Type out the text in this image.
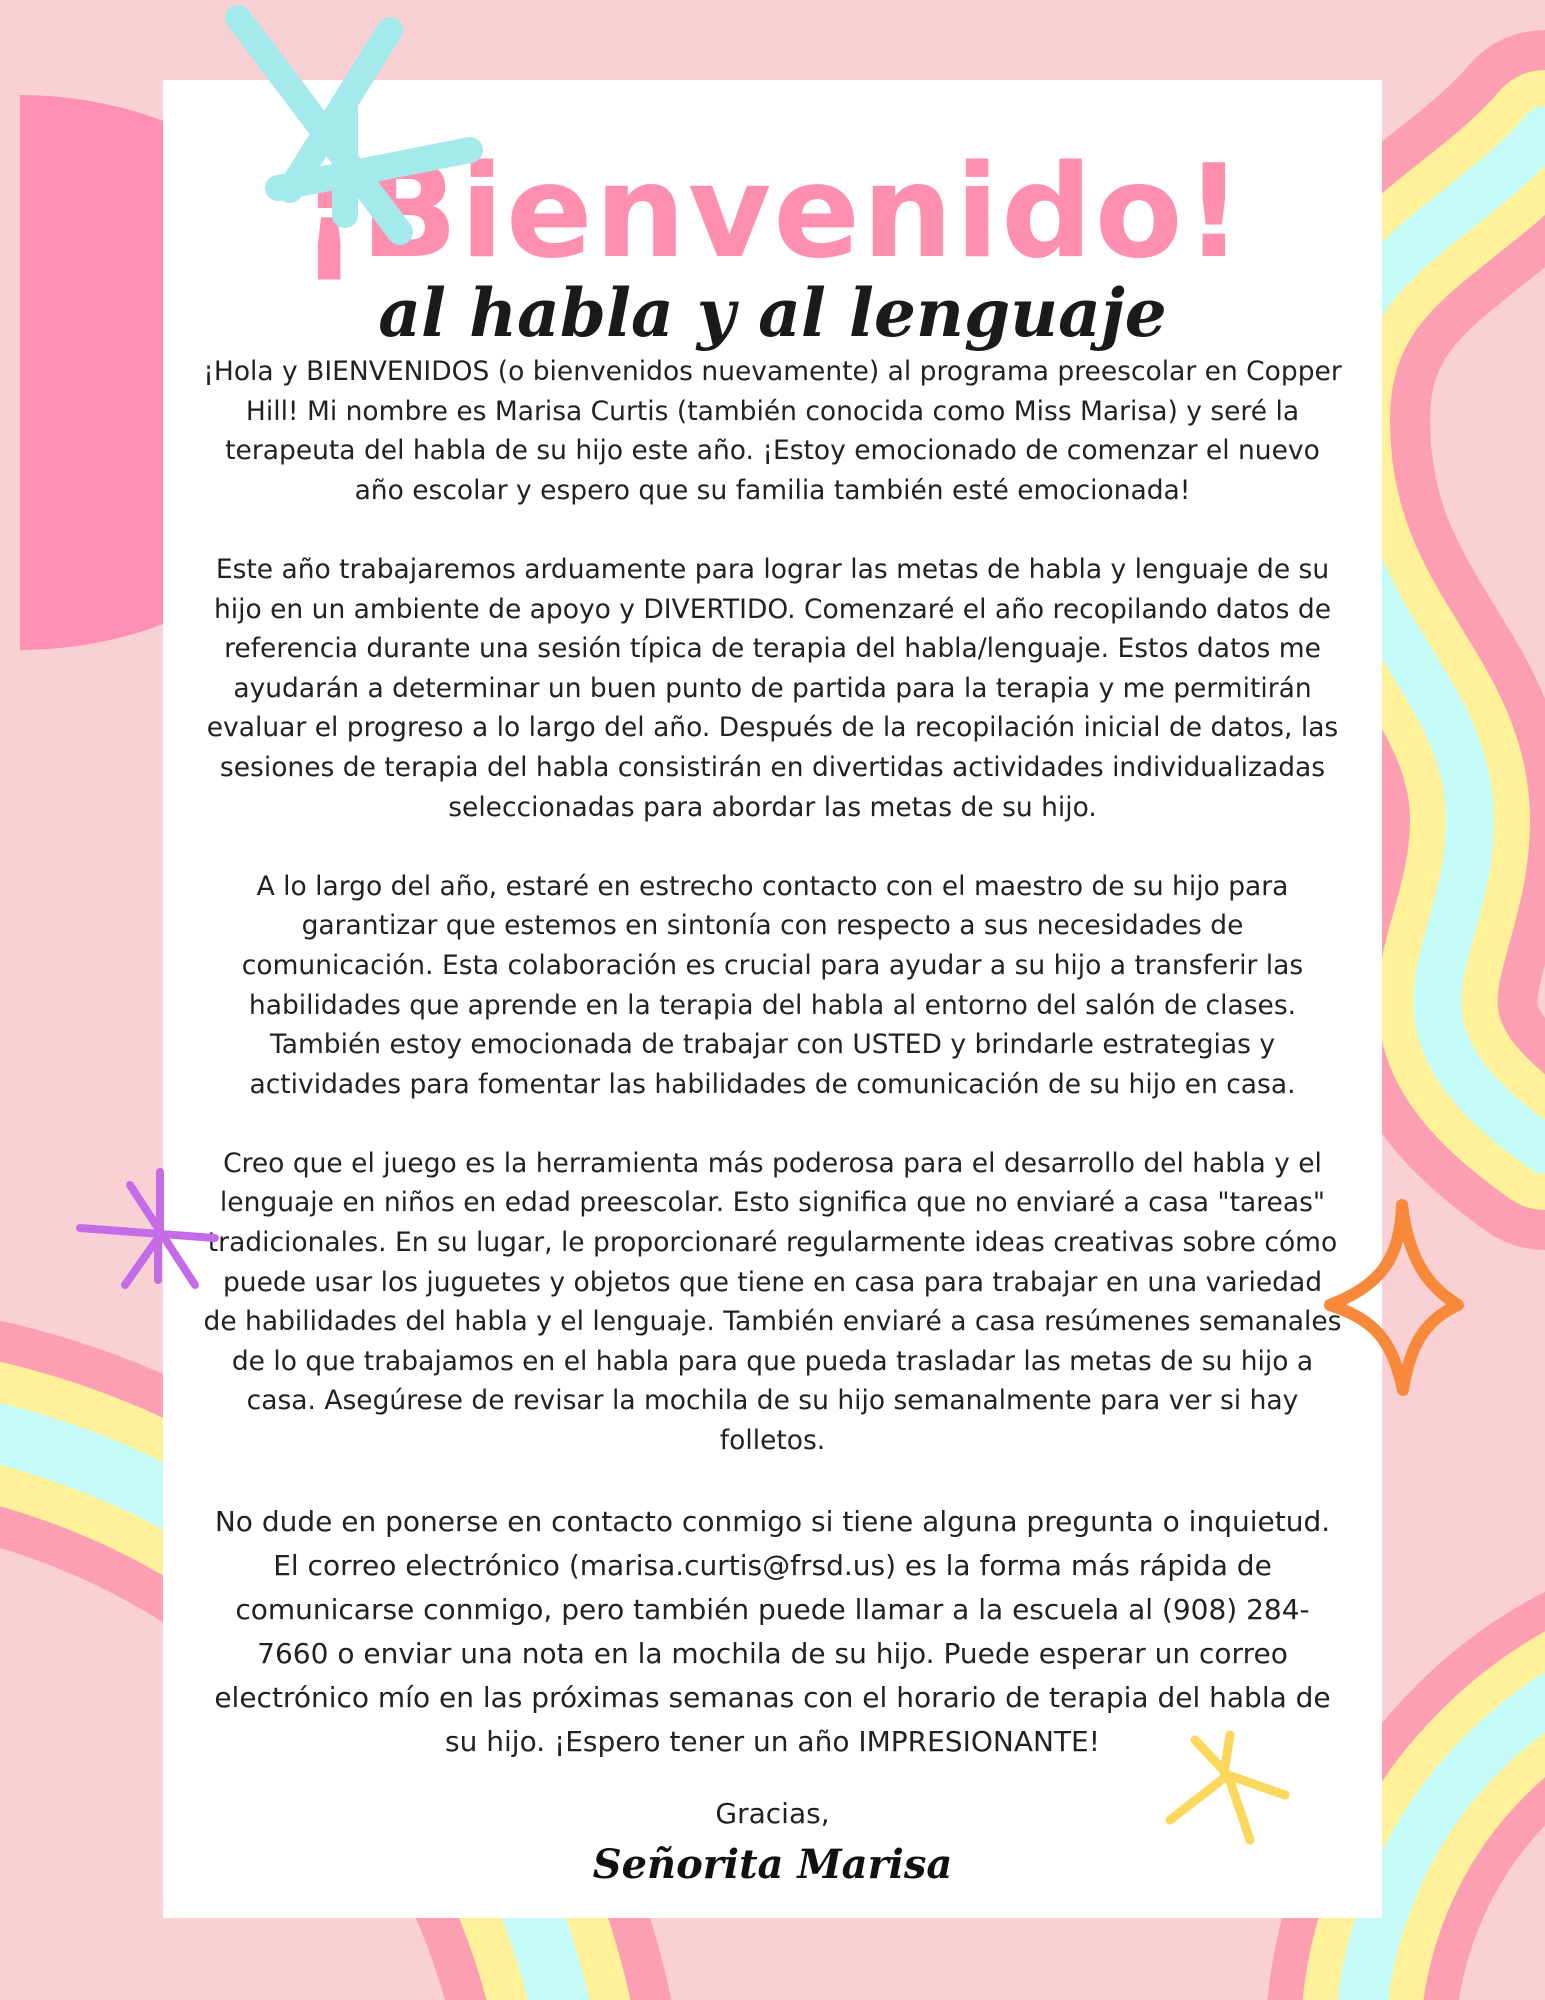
¡Bienvenido!
al habla y al lenguaje

¡Hola y BIENVENIDOS (o bienvenidos nuevamente) al programa preescolar en Copper Hill! Mi nombre es Marisa Curtis (también conocida como Miss Marisa) y seré la terapeuta del habla de su hijo este año. ¡Estoy emocionado de comenzar el nuevo año escolar y espero que su familia también esté emocionada!

Este año trabajaremos arduamente para lograr las metas de habla y lenguaje de su hijo en un ambiente de apoyo y DIVERTIDO. Comenzaré el año recopilando datos de referencia durante una sesión típica de terapia del habla/lenguaje. Estos datos me ayudarán a determinar un buen punto de partida para la terapia y me permitirán evaluar el progreso a lo largo del año. Después de la recopilación inicial de datos, las sesiones de terapia del habla consistirán en divertidas actividades individualizadas seleccionadas para abordar las metas de su hijo.

A lo largo del año, estaré en estrecho contacto con el maestro de su hijo para garantizar que estemos en sintonía con respecto a sus necesidades de comunicación. Esta colaboración es crucial para ayudar a su hijo a transferir las habilidades que aprende en la terapia del habla al entorno del salón de clases. También estoy emocionada de trabajar con USTED y brindarle estrategias y actividades para fomentar las habilidades de comunicación de su hijo en casa.

Creo que el juego es la herramienta más poderosa para el desarrollo del habla y el lenguaje en niños en edad preescolar. Esto significa que no enviaré a casa "tareas" tradicionales. En su lugar, le proporcionaré regularmente ideas creativas sobre cómo puede usar los juguetes y objetos que tiene en casa para trabajar en una variedad de habilidades del habla y el lenguaje. También enviaré a casa resúmenes semanales de lo que trabajamos en el habla para que pueda trasladar las metas de su hijo a casa. Asegúrese de revisar la mochila de su hijo semanalmente para ver si hay folletos.

No dude en ponerse en contacto conmigo si tiene alguna pregunta o inquietud. El correo electrónico (marisa.curtis@frsd.us) es la forma más rápida de comunicarse conmigo, pero también puede llamar a la escuela al (908) 284-7660 o enviar una nota en la mochila de su hijo. Puede esperar un correo electrónico mío en las próximas semanas con el horario de terapia del habla de su hijo. ¡Espero tener un año IMPRESIONANTE!

Gracias,
Señorita Marisa
